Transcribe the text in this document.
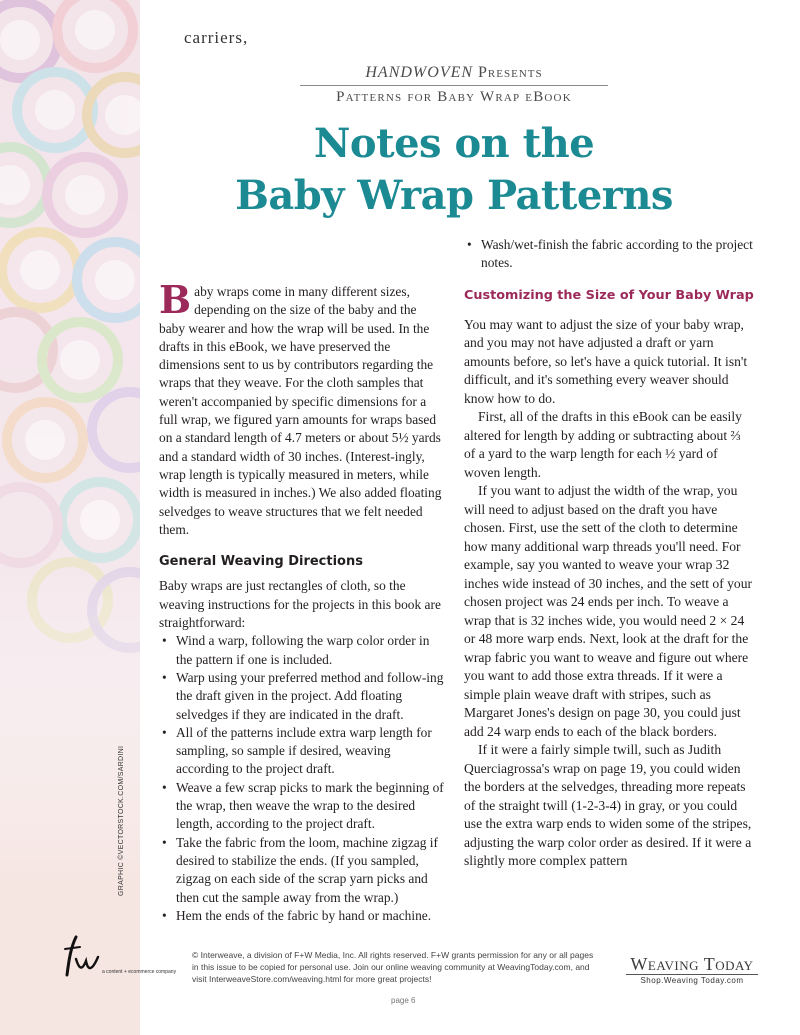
GRAPHIC ©VECTORSTOCK.COM/SARDINI
carriers,
HANDWOVEN Presents
Patterns for Baby Wrap eBook
Notes on the
Baby Wrap Patterns

Baby wraps come in many different sizes, depending on the size of the baby and the baby wearer and how the wrap will be used. In the drafts in this eBook, we have preserved the dimensions sent to us by contributors regarding the wraps that they weave. For the cloth samples that weren't accompanied by specific dimensions for a full wrap, we figured yarn amounts for wraps based on a standard length of 4.7 meters or about 5½ yards and a standard width of 30 inches. (Interest-ingly, wrap length is typically measured in meters, while width is measured in inches.) We also added floating selvedges to weave structures that we felt needed them.

General Weaving Directions

Baby wraps are just rectangles of cloth, so the weaving instructions for the projects in this book are straightforward:

• Wind a warp, following the warp color order in the pattern if one is included.
• Warp using your preferred method and follow-ing the draft given in the project. Add floating selvedges if they are indicated in the draft.
• All of the patterns include extra warp length for sampling, so sample if desired, weaving according to the project draft.
• Weave a few scrap picks to mark the beginning of the wrap, then weave the wrap to the desired length, according to the project draft.
• Take the fabric from the loom, machine zigzag if desired to stabilize the ends. (If you sampled, zigzag on each side of the scrap yarn picks and then cut the sample away from the wrap.)
• Hem the ends of the fabric by hand or machine.
• Wash/wet-finish the fabric according to the project notes.
Customizing the Size of Your Baby Wrap

You may want to adjust the size of your baby wrap, and you may not have adjusted a draft or yarn amounts before, so let's have a quick tutorial. It isn't difficult, and it's something every weaver should know how to do.

First, all of the drafts in this eBook can be easily altered for length by adding or subtracting about ⅔ of a yard to the warp length for each ½ yard of woven length.

If you want to adjust the width of the wrap, you will need to adjust based on the draft you have chosen. First, use the sett of the cloth to determine how many additional warp threads you'll need. For example, say you wanted to weave your wrap 32 inches wide instead of 30 inches, and the sett of your chosen project was 24 ends per inch. To weave a wrap that is 32 inches wide, you would need 2 × 24 or 48 more warp ends. Next, look at the draft for the wrap fabric you want to weave and figure out where you want to add those extra threads. If it were a simple plain weave draft with stripes, such as Margaret Jones's design on page 30, you could just add 24 warp ends to each of the black borders.

If it were a fairly simple twill, such as Judith Querciagrossa's wrap on page 19, you could widen the borders at the selvedges, threading more repeats of the straight twill (1-2-3-4) in gray, or you could use the extra warp ends to widen some of the stripes, adjusting the warp color order as desired. If it were a slightly more complex pattern

a content + ecommerce company
© Interweave, a division of F+W Media, Inc. All rights reserved. F+W grants permission for any or all pages in this issue to be copied for personal use. Join our online weaving community at WeavingToday.com, and visit InterweaveStore.com/weaving.html for more great projects!
page 6
Weaving Today
Shop.Weaving Today.com
